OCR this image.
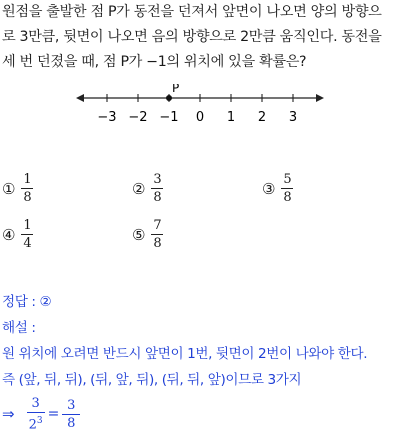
원점을 출발한 점 P가 동전을 던져서 앞면이 나오면 양의 방향으
로 3만큼, 뒷면이 나오면 음의 방향으로 2만큼 움직인다. 동전을
세 번 던졌을 때, 점 P가 −1의 위치에 있을 확률은?
−3 −2 −1 0 1 2 3
P
① $\frac{1}{8}$	② $\frac{3}{8}$	③ $\frac{5}{8}$
④ $\frac{1}{4}$	⑤ $\frac{7}{8}$
정답 : ②
해설 :
원 위치에 오려면 반드시 앞면이 1번, 뒷면이 2번이 나와야 한다.
즉 (앞, 뒤, 뒤), (뒤, 앞, 뒤), (뒤, 뒤, 앞)이므로 3가지
⇒ $\frac{3}{2^3} = \frac{3}{8}$
